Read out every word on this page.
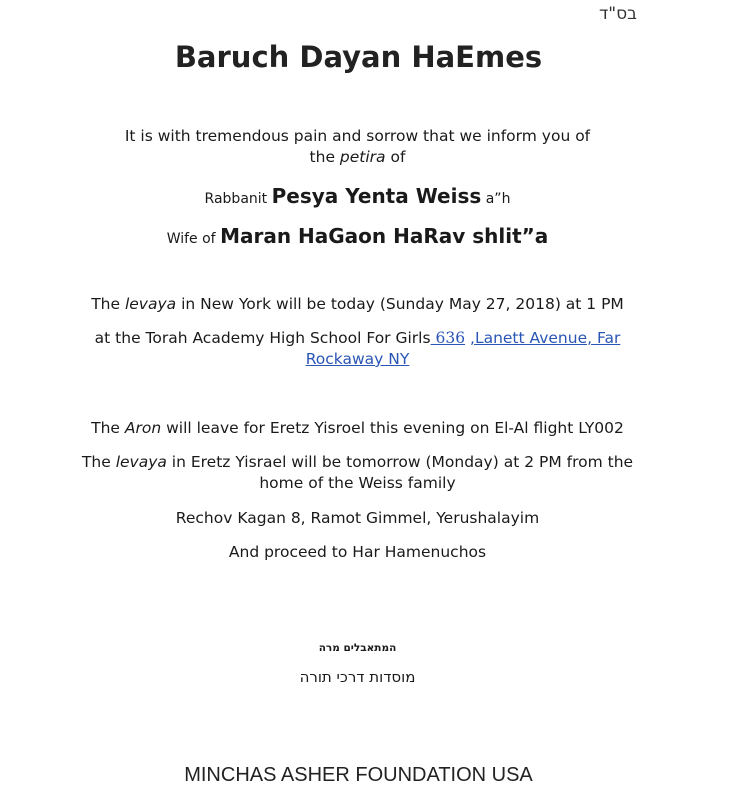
בס"ד
Baruch Dayan HaEmes
It is with tremendous pain and sorrow that we inform you of
the petira of
Rabbanit Pesya Yenta Weiss a”h
Wife of Maran HaGaon HaRav shlit”a
The levaya in New York will be today (Sunday May 27, 2018) at 1 PM
at the Torah Academy High School For Girls 636 ,Lanett Avenue, Far
Rockaway NY
The Aron will leave for Eretz Yisroel this evening on El-Al flight LY002
The levaya in Eretz Yisrael will be tomorrow (Monday) at 2 PM from the
home of the Weiss family
Rechov Kagan 8, Ramot Gimmel, Yerushalayim
And proceed to Har Hamenuchos
המתאבלים מרה
מוסדות דרכי תורה
MINCHAS ASHER FOUNDATION USA
